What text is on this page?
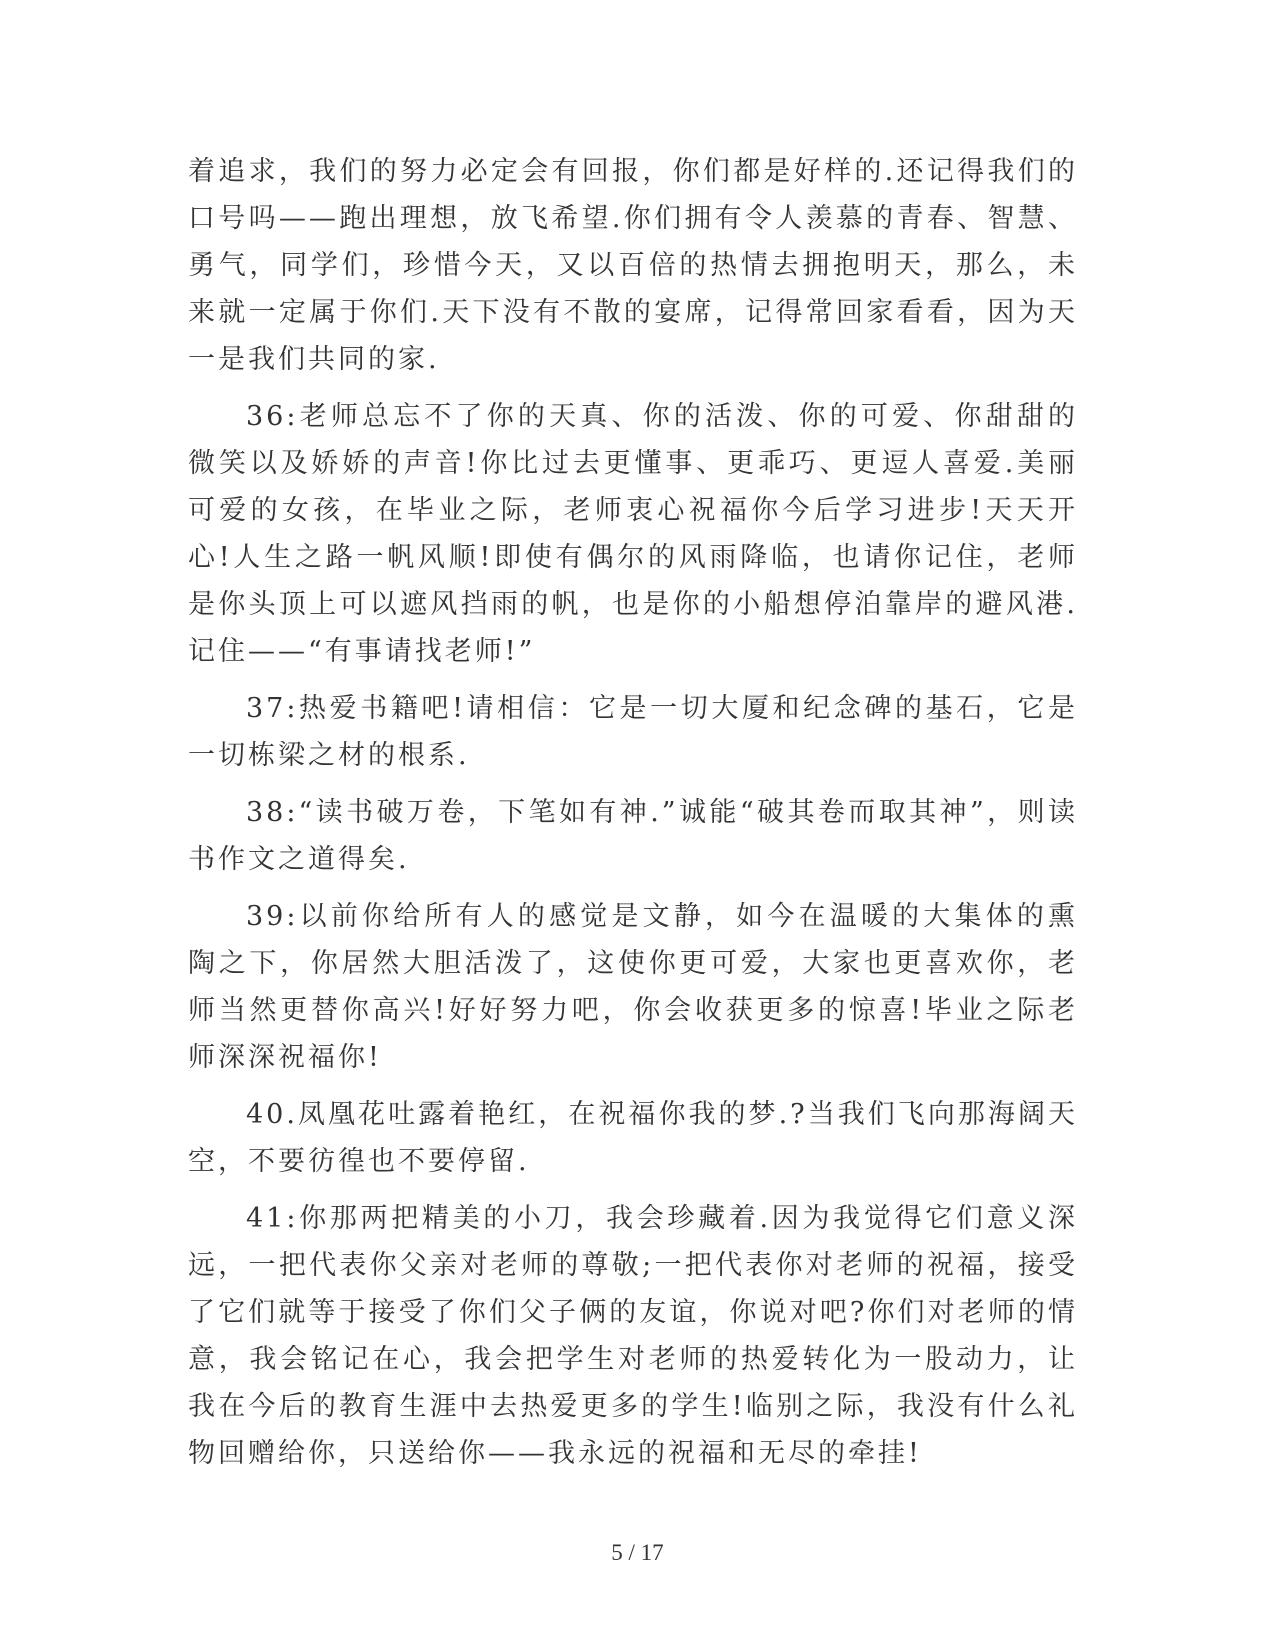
着追求，我们的努力必定会有回报，你们都是好样的.还记得我们的口号吗——跑出理想，放飞希望.你们拥有令人羡慕的青春、智慧、勇气，同学们，珍惜今天，又以百倍的热情去拥抱明天，那么，未来就一定属于你们.天下没有不散的宴席，记得常回家看看，因为天一是我们共同的家.

36:老师总忘不了你的天真、你的活泼、你的可爱、你甜甜的微笑以及娇娇的声音!你比过去更懂事、更乖巧、更逗人喜爱.美丽可爱的女孩，在毕业之际，老师衷心祝福你今后学习进步!天天开心!人生之路一帆风顺!即使有偶尔的风雨降临，也请你记住，老师是你头顶上可以遮风挡雨的帆，也是你的小船想停泊靠岸的避风港.记住——“有事请找老师!”

37:热爱书籍吧!请相信：它是一切大厦和纪念碑的基石，它是一切栋梁之材的根系.

38:“读书破万卷，下笔如有神.”诚能“破其卷而取其神”，则读书作文之道得矣.

39:以前你给所有人的感觉是文静，如今在温暖的大集体的熏陶之下，你居然大胆活泼了，这使你更可爱，大家也更喜欢你，老师当然更替你高兴!好好努力吧，你会收获更多的惊喜!毕业之际老师深深祝福你!

40.凤凰花吐露着艳红，在祝福你我的梦.?当我们飞向那海阔天空，不要彷徨也不要停留.

41:你那两把精美的小刀，我会珍藏着.因为我觉得它们意义深远，一把代表你父亲对老师的尊敬;一把代表你对老师的祝福，接受了它们就等于接受了你们父子俩的友谊，你说对吧?你们对老师的情意，我会铭记在心，我会把学生对老师的热爱转化为一股动力，让我在今后的教育生涯中去热爱更多的学生!临别之际，我没有什么礼物回赠给你，只送给你——我永远的祝福和无尽的牵挂!

5 / 17
